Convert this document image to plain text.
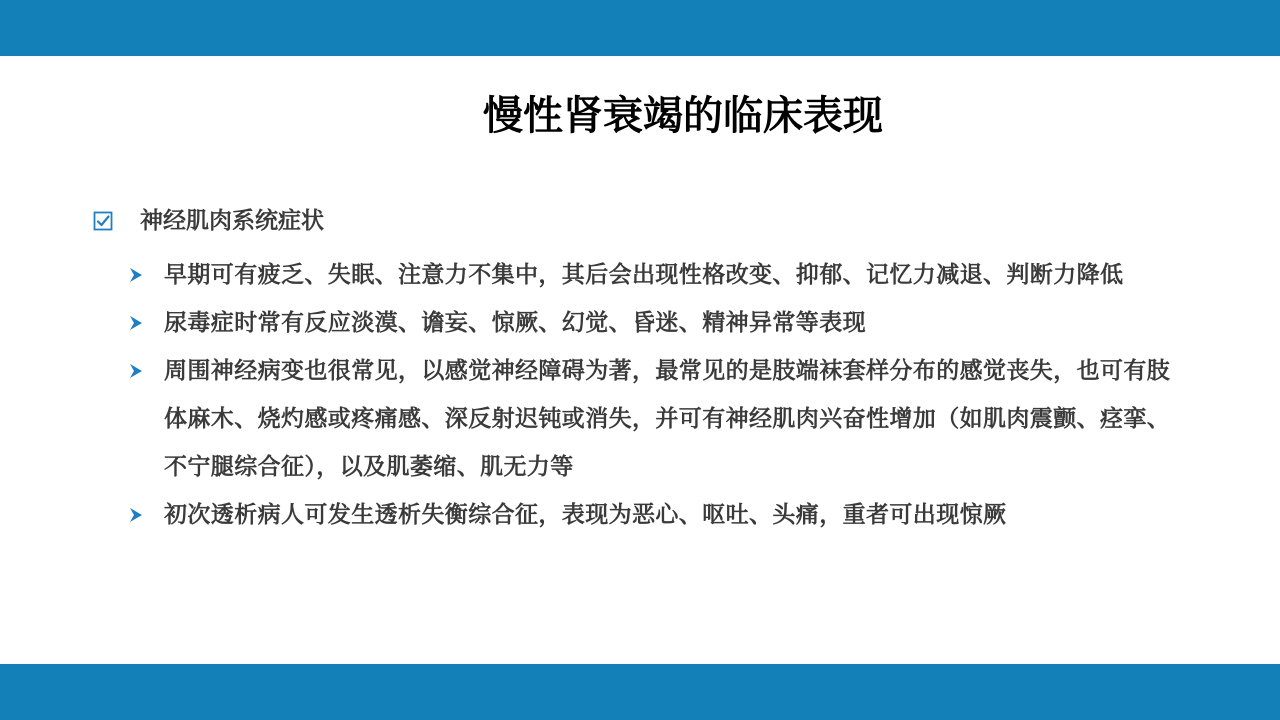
慢性肾衰竭的临床表现
神经肌肉系统症状
早期可有疲乏、失眠、注意力不集中，其后会出现性格改变、抑郁、记忆力减退、判断力降低
尿毒症时常有反应淡漠、谵妄、惊厥、幻觉、昏迷、精神异常等表现
周围神经病变也很常见，以感觉神经障碍为著，最常见的是肢端袜套样分布的感觉丧失，也可有肢体麻木、烧灼感或疼痛感、深反射迟钝或消失，并可有神经肌肉兴奋性增加（如肌肉震颤、痉挛、不宁腿综合征），以及肌萎缩、肌无力等
初次透析病人可发生透析失衡综合征，表现为恶心、呕吐、头痛，重者可出现惊厥
